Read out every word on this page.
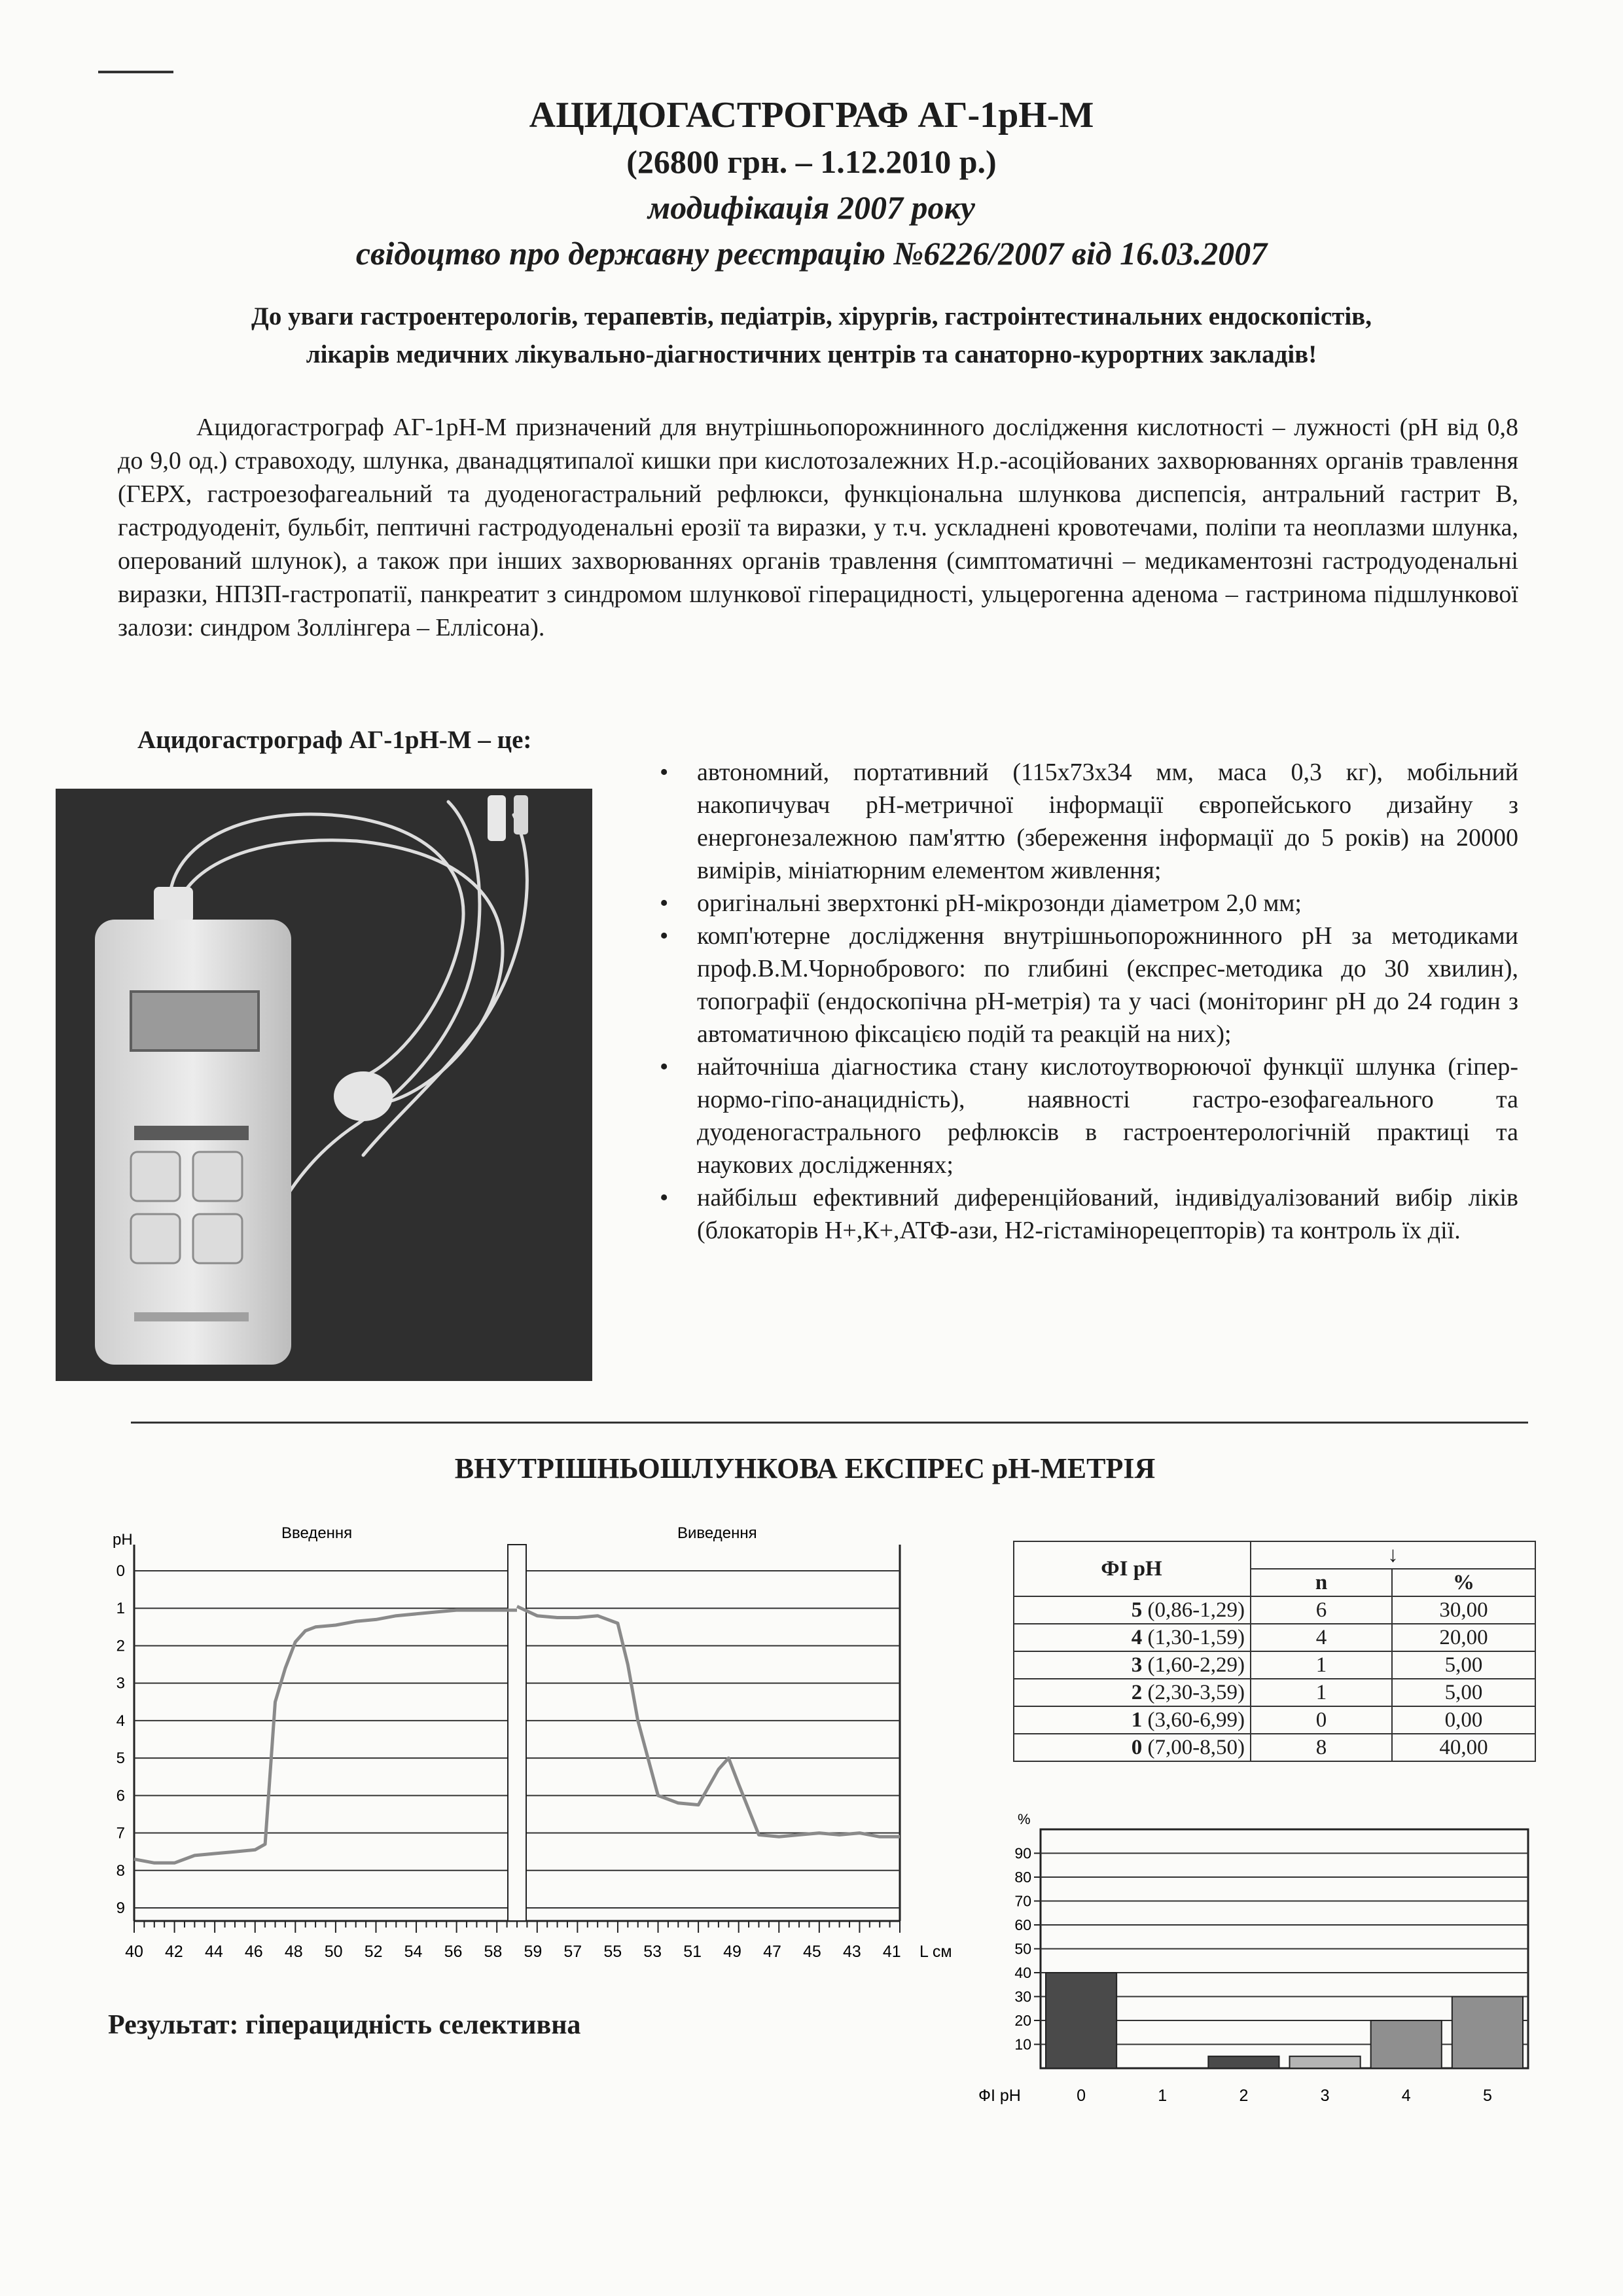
АЦИДОГАСТРОГРАФ АГ-1рН-М
(26800 грн. – 1.12.2010 р.)
модифікація 2007 року
свідоцтво про державну реєстрацію №6226/2007 від 16.03.2007
До уваги гастроентерологів, терапевтів, педіатрів, хірургів, гастроінтестинальних ендоскопістів,
лікарів медичних лікувально-діагностичних центрів та санаторно-курортних закладів!

Ацидогастрограф АГ-1рН-М призначений для внутрішньопорожнинного дослідження кислотності – лужності (рН від 0,8 до 9,0 од.) стравоходу, шлунка, дванадцятипалої кишки при кислотозалежних Н.р.-асоційованих захворюваннях органів травлення (ГЕРХ, гастроезофагеальний та дуоденогастральний рефлюкси, функціональна шлункова диспепсія, антральний гастрит В, гастродуоденіт, бульбіт, пептичні гастродуоденальні ерозії та виразки, у т.ч. ускладнені кровотечами, поліпи та неоплазми шлунка, оперований шлунок), а також при інших захворюваннях органів травлення (симптоматичні – медикаментозні гастродуоденальні виразки, НПЗП-гастропатії, панкреатит з синдромом шлункової гіперацидності, ульцерогенна аденома – гастринома підшлункової залози: синдром Золлінгера – Еллісона).

Ацидогастрограф АГ-1рН-М – це:
• автономний, портативний (115х73х34 мм, маса 0,3 кг), мобільний накопичувач рН-метричної інформації європейського дизайну з енергонезалежною пам'яттю (збереження інформації до 5 років) на 20000 вимірів, мініатюрним елементом живлення;
• оригінальні зверхтонкі рН-мікрозонди діаметром 2,0 мм;
• комп'ютерне дослідження внутрішньопорожнинного рН за методиками проф.В.М.Чорнобрового: по глибині (експрес-методика до 30 хвилин), топографії (ендоскопічна рН-метрія) та у часі (моніторинг рН до 24 годин з автоматичною фіксацією подій та реакцій на них);
• найточніша діагностика стану кислотоутворюючої функції шлунка (гіпер-нормо-гіпо-анацидність), наявності гастро-езофагеального та дуоденогастрального рефлюксів в гастроентерологічній практиці та наукових дослідженнях;
• найбільш ефективний диференційований, індивідуалізований вибір ліків (блокаторів Н+,К+,АТФ-ази, Н2-гістамінорецепторів) та контроль їх дії.
ВНУТРІШНЬОШЛУНКОВА ЕКСПРЕС рН-МЕТРІЯ
pH	Введення	Виведення
0
1
2
3
4
5
6
7
8
9
40 42 44 46 48 50 52 54 56 58 59 57 55 53 51 49 47 45 43 41 L см
Результат: гіперацидність селективна
ФІ рН	↓	
	n	%
5 (0,86-1,29)	6	30,00
4 (1,30-1,59)	4	20,00
3 (1,60-2,29)	1	5,00
2 (2,30-3,59)	1	5,00
1 (3,60-6,99)	0	0,00
0 (7,00-8,50)	8	40,00
%
10
20
30
40
50
60
70
80
90
0	1	2	3	4	5
ФІ рН
